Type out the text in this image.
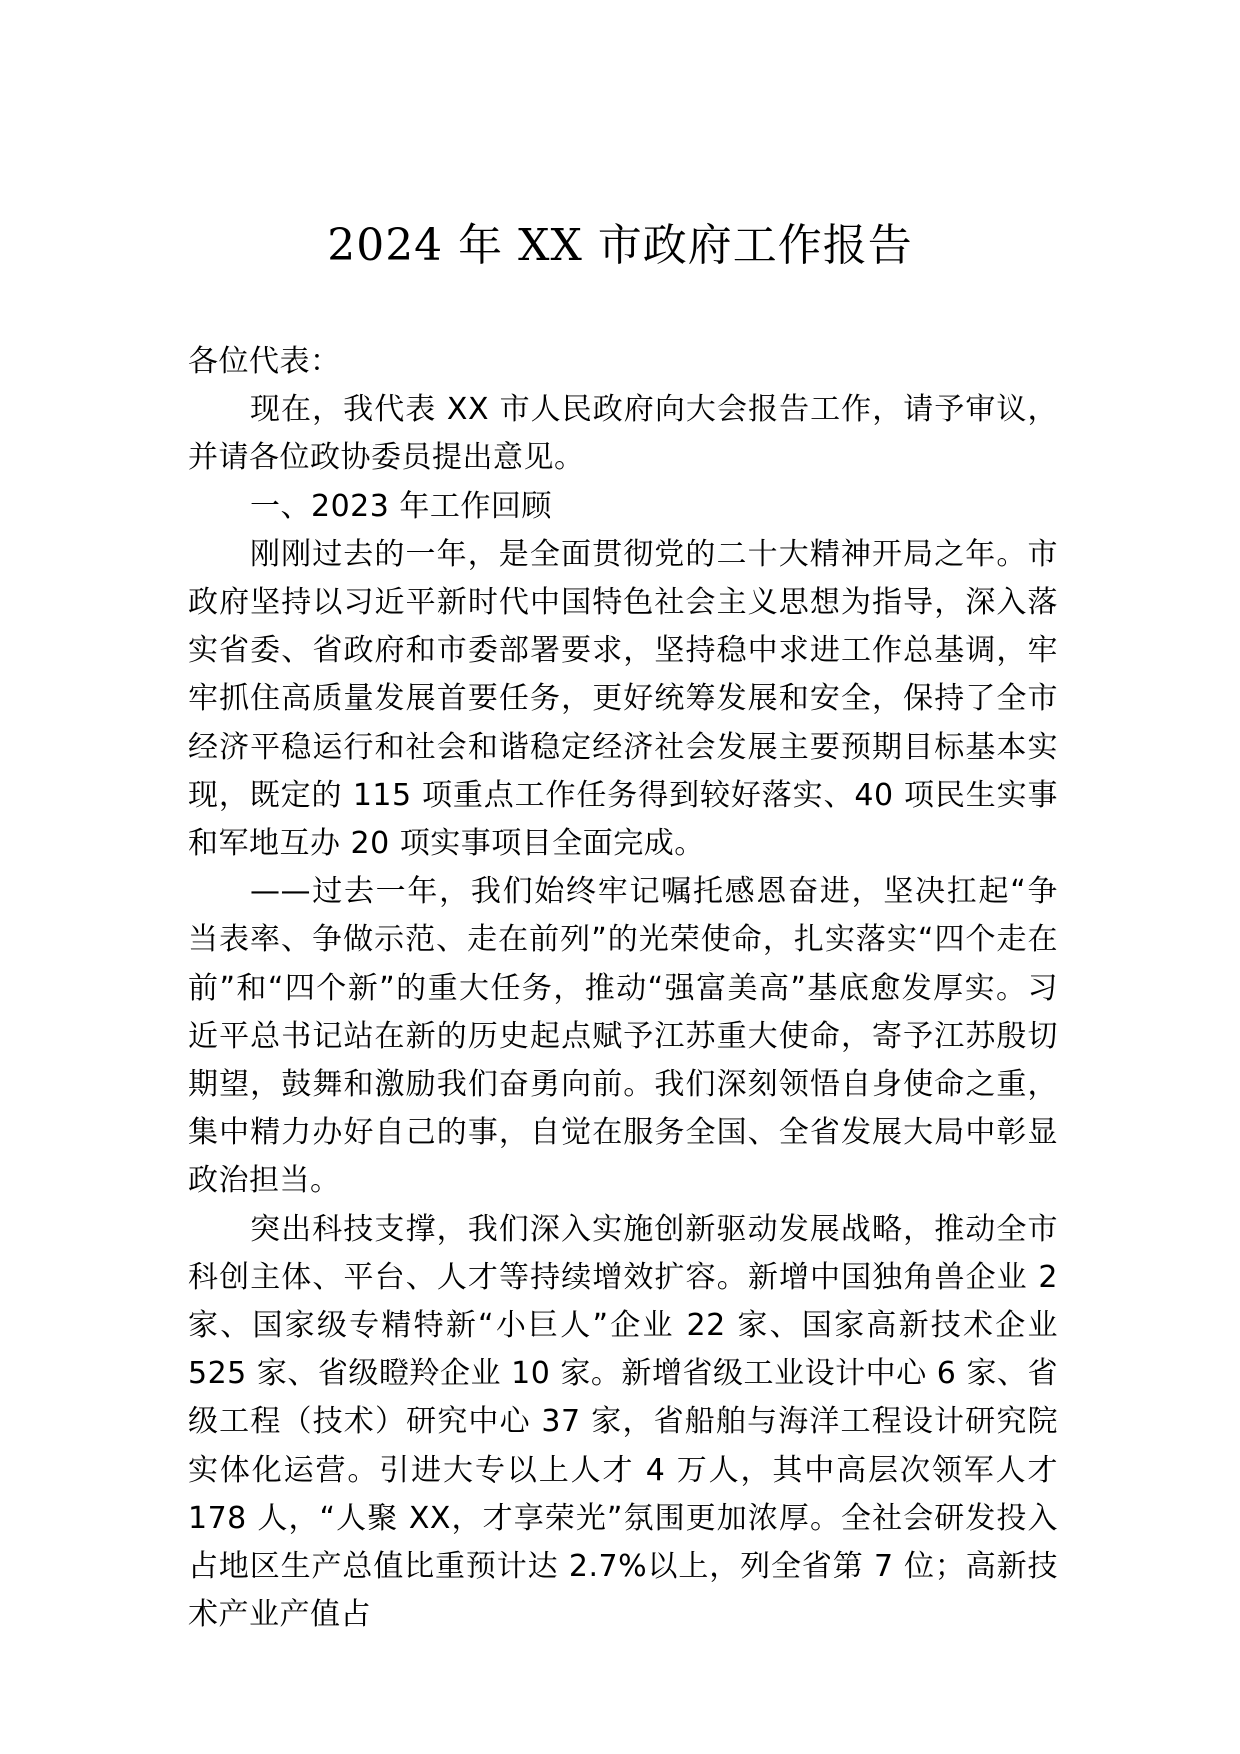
2024 年 XX 市政府工作报告

各位代表：

现在，我代表 XX 市人民政府向大会报告工作，请予审议，并请各位政协委员提出意见。

一、2023 年工作回顾

刚刚过去的一年，是全面贯彻党的二十大精神开局之年。市政府坚持以习近平新时代中国特色社会主义思想为指导，深入落实省委、省政府和市委部署要求，坚持稳中求进工作总基调，牢牢抓住高质量发展首要任务，更好统筹发展和安全，保持了全市经济平稳运行和社会和谐稳定经济社会发展主要预期目标基本实现，既定的 115 项重点工作任务得到较好落实、40 项民生实事和军地互办 20 项实事项目全面完成。

——过去一年，我们始终牢记嘱托感恩奋进，坚决扛起“争当表率、争做示范、走在前列”的光荣使命，扎实落实“四个走在前”和“四个新”的重大任务，推动“强富美高”基底愈发厚实。习近平总书记站在新的历史起点赋予江苏重大使命，寄予江苏殷切期望，鼓舞和激励我们奋勇向前。我们深刻领悟自身使命之重，集中精力办好自己的事，自觉在服务全国、全省发展大局中彰显政治担当。

突出科技支撑，我们深入实施创新驱动发展战略，推动全市科创主体、平台、人才等持续增效扩容。新增中国独角兽企业 2 家、国家级专精特新“小巨人”企业 22 家、国家高新技术企业 525 家、省级瞪羚企业 10 家。新增省级工业设计中心 6 家、省级工程（技术）研究中心 37 家，省船舶与海洋工程设计研究院实体化运营。引进大专以上人才 4 万人，其中高层次领军人才 178 人，“人聚 XX，才享荣光”氛围更加浓厚。全社会研发投入占地区生产总值比重预计达 2.7%以上，列全省第 7 位；高新技术产业产值占
